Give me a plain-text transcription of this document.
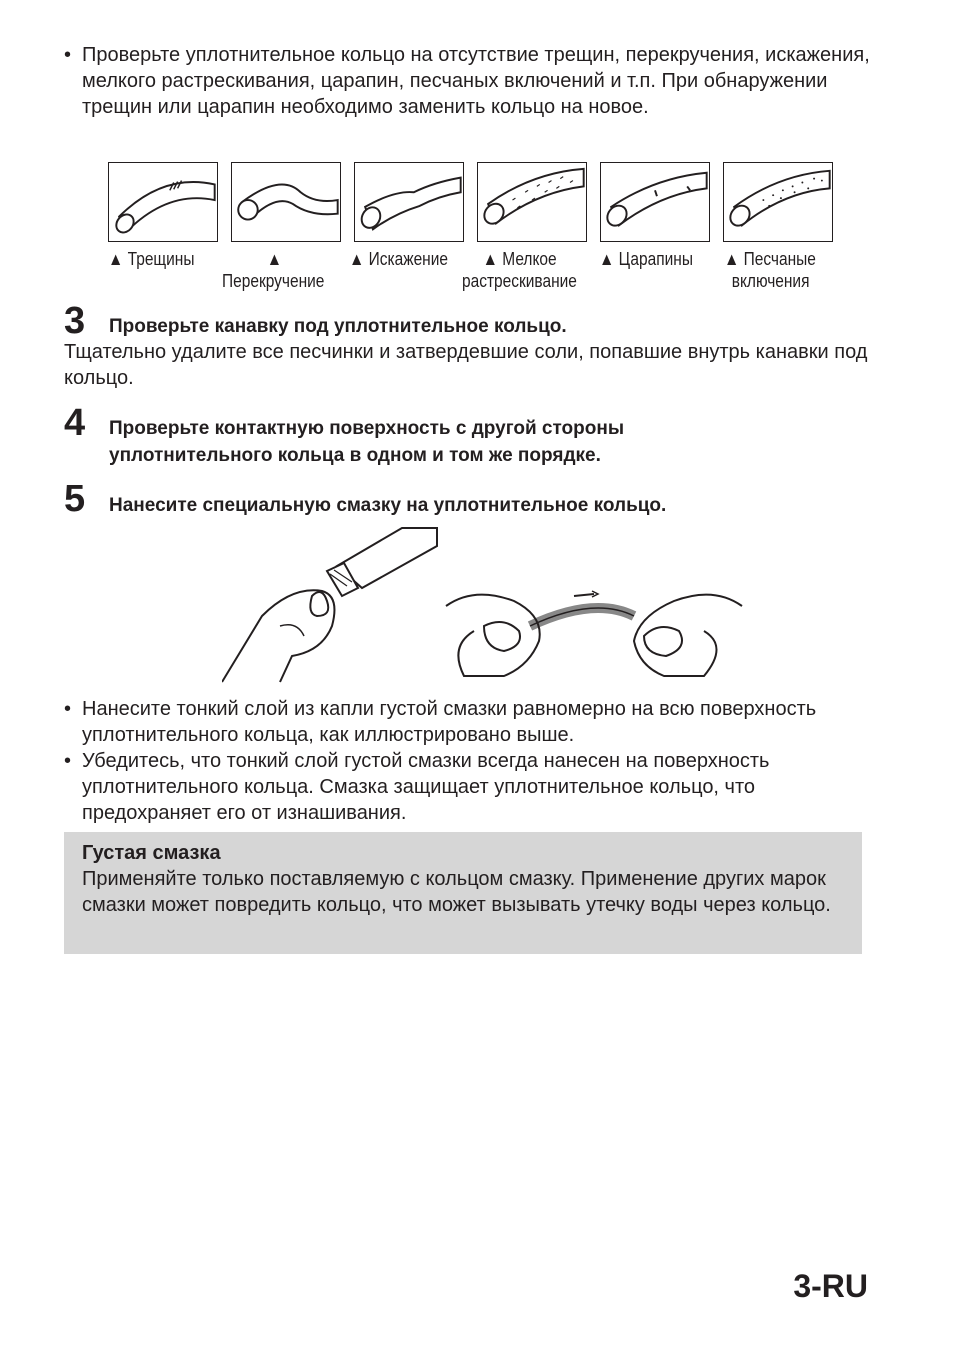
• Проверьте уплотнительное кольцо на отсутствие трещин, перекручения, искажения, мелкого растрескивания, царапин, песчаных включений и т.п. При обнаружении трещин или царапин необходимо заменить кольцо на новое.
▲ Трещины	▲
Перекручение
▲ Искажение	▲ Мелкое
растрескивание
▲ Царапины ▲ Песчаные
включения
3 Проверьте канавку под уплотнительное кольцо.
Тщательно удалите все песчинки и затвердевшие соли, попавшие внутрь канавки под кольцо.
4 Проверьте контактную поверхность с другой стороны уплотнительного кольца в одном и том же порядке.
5 Нанесите специальную смазку на уплотнительное кольцо.
• Нанесите тонкий слой из капли густой смазки равномерно на всю поверхность уплотнительного кольца, как иллюстрировано выше.
• Убедитесь, что тонкий слой густой смазки всегда нанесен на поверхность уплотнительного кольца. Смазка защищает уплотнительное кольцо, что предохраняет его от изнашивания.
Густая смазка
Применяйте только поставляемую с кольцом смазку. Применение других марок смазки может повредить кольцо, что может вызывать утечку воды через кольцо.
3-RU
